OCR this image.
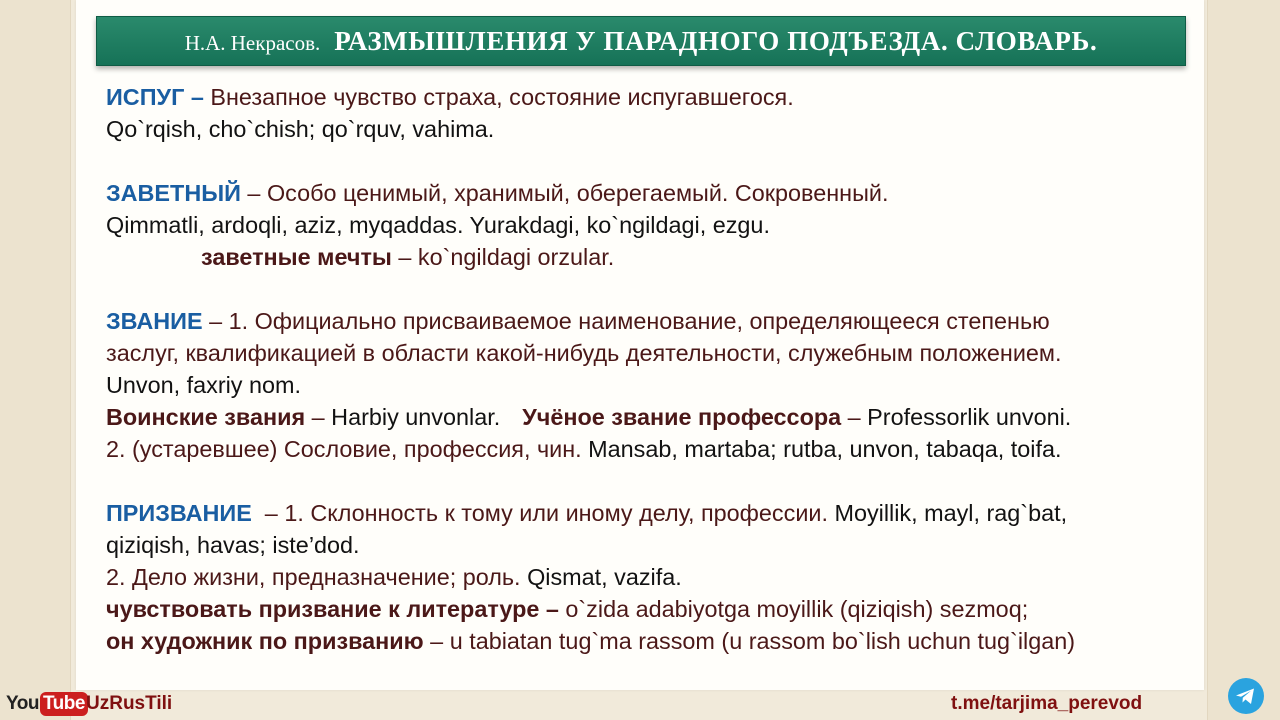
Н.А. Некрасов. РАЗМЫШЛЕНИЯ У ПАРАДНОГО ПОДЪЕЗДА. СЛОВАРЬ.
ИСПУГ – Внезапное чувство страха, состояние испугавшегося.
Qo`rqish, cho`chish; qo`rquv, vahima.
ЗАВЕТНЫЙ – Особо ценимый, хранимый, оберегаемый. Сокровенный.
Qimmatli, ardoqli, aziz, myqaddas. Yurakdagi, ko`ngildagi, ezgu.
заветные мечты – ko`ngildagi orzular.
ЗВАНИЕ – 1. Официально присваиваемое наименование, определяющееся степенью
заслуг, квалификацией в области какой-нибудь деятельности, служебным положением.
Unvon, faxriy nom.
Воинские звания – Harbiy unvonlar. Учёное звание профессора – Professorlik unvoni.
2. (устаревшее) Сословие, профессия, чин. Mansab, martaba; rutba, unvon, tabaqa, toifa.
ПРИЗВАНИЕ  – 1. Склонность к тому или иному делу, профессии. Moyillik, mayl, rag`bat,
qiziqish, havas; iste’dod.
2. Дело жизни, предназначение; роль. Qismat, vazifa.
чувствовать призвание к литературе – o`zida adabiyotga moyillik (qiziqish) sezmoq;
он художник по призванию – u tabiatan tug`ma rassom (u rassom bo`lish uchun tug`ilgan)
You Tube UzRusTili	t.me/tarjima_perevod
